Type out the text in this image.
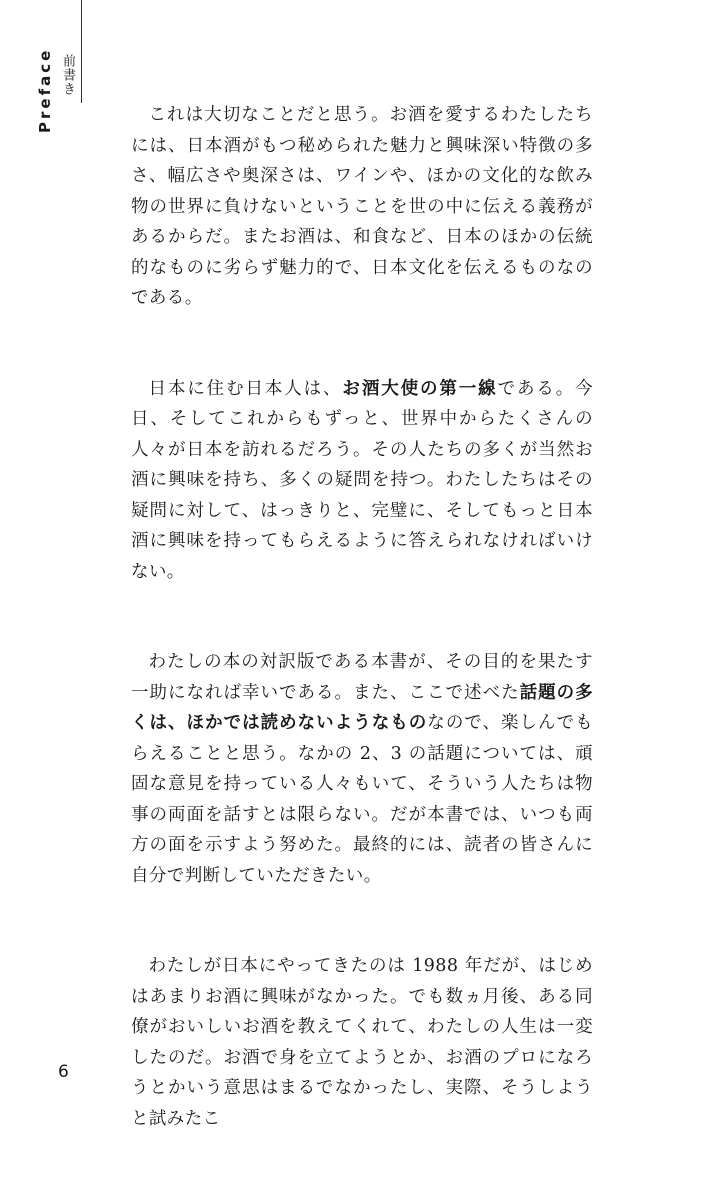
Preface 前書き

これは大切なことだと思う。お酒を愛するわたしたちには、日本酒がもつ秘められた魅力と興味深い特徴の多さ、幅広さや奥深さは、ワインや、ほかの文化的な飲み物の世界に負けないということを世の中に伝える義務があるからだ。またお酒は、和食など、日本のほかの伝統的なものに劣らず魅力的で、日本文化を伝えるものなのである。

日本に住む日本人は、お酒大使の第一線である。今日、そしてこれからもずっと、世界中からたくさんの人々が日本を訪れるだろう。その人たちの多くが当然お酒に興味を持ち、多くの疑問を持つ。わたしたちはその疑問に対して、はっきりと、完璧に、そしてもっと日本酒に興味を持ってもらえるように答えられなければいけない。

わたしの本の対訳版である本書が、その目的を果たす一助になれば幸いである。また、ここで述べた話題の多くは、ほかでは読めないようなものなので、楽しんでもらえることと思う。なかの 2、3 の話題については、頑固な意見を持っている人々もいて、そういう人たちは物事の両面を話すとは限らない。だが本書では、いつも両方の面を示すよう努めた。最終的には、読者の皆さんに自分で判断していただきたい。

わたしが日本にやってきたのは 1988 年だが、はじめはあまりお酒に興味がなかった。でも数ヵ月後、ある同僚がおいしいお酒を教えてくれて、わたしの人生は一変したのだ。お酒で身を立てようとか、お酒のプロになろうとかいう意思はまるでなかったし、実際、そうしようと試みたこ

6
